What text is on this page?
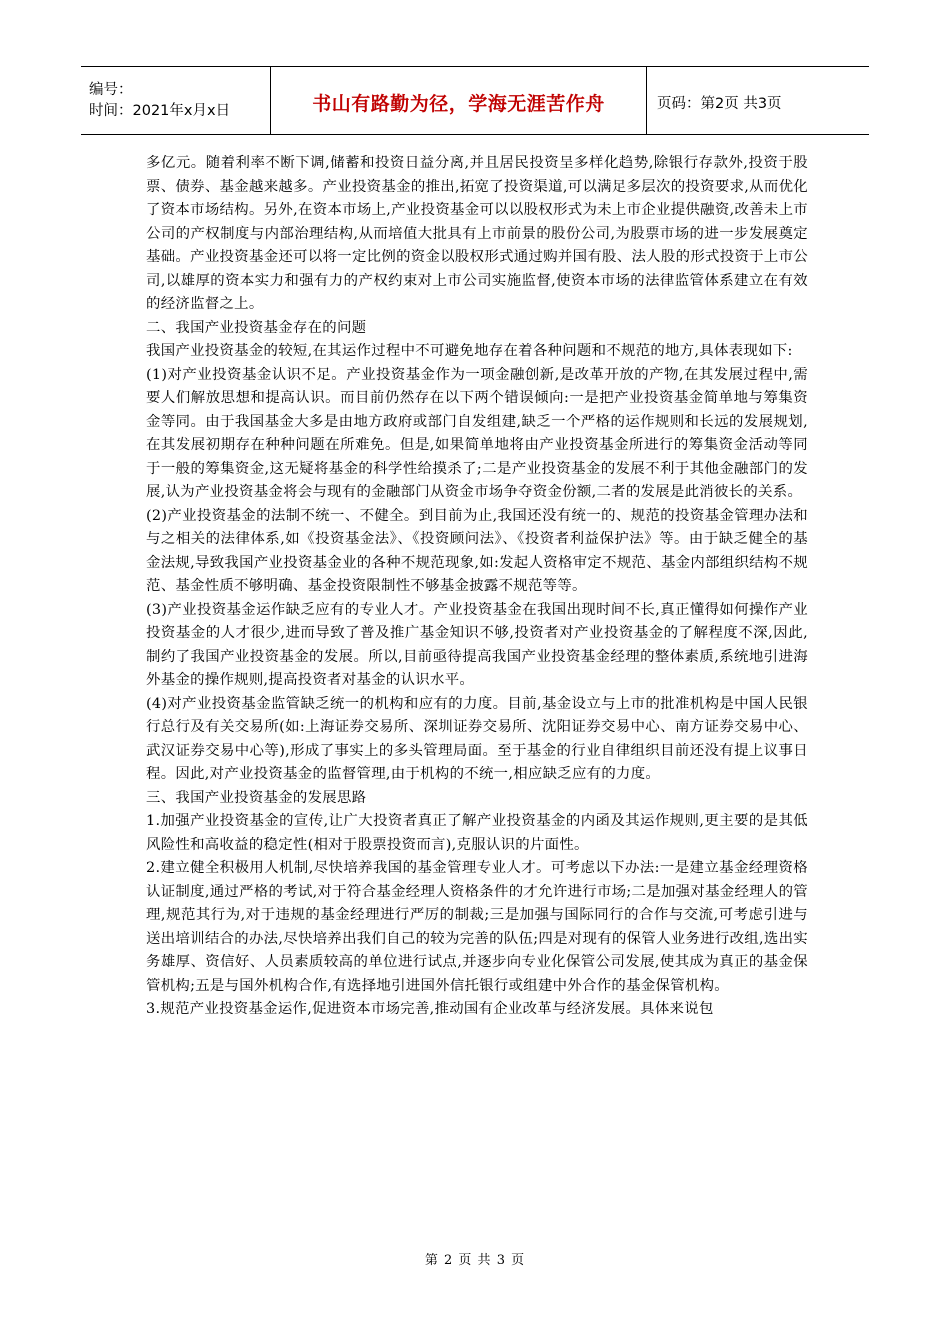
编号：
时间：2021年x月x日	书山有路勤为径，学海无涯苦作舟	页码：第2页 共3页

多亿元。随着利率不断下调,储蓄和投资日益分离,并且居民投资呈多样化趋势,除银行存款外,投资于股票、债券、基金越来越多。产业投资基金的推出,拓宽了投资渠道,可以满足多层次的投资要求,从而优化了资本市场结构。另外,在资本市场上,产业投资基金可以以股权形式为未上市企业提供融资,改善未上市公司的产权制度与内部治理结构,从而培值大批具有上市前景的股份公司,为股票市场的进一步发展奠定基础。产业投资基金还可以将一定比例的资金以股权形式通过购并国有股、法人股的形式投资于上市公司,以雄厚的资本实力和强有力的产权约束对上市公司实施监督,使资本市场的法律监管体系建立在有效的经济监督之上。

二、我国产业投资基金存在的问题

我国产业投资基金的较短,在其运作过程中不可避免地存在着各种问题和不规范的地方,具体表现如下:

(1)对产业投资基金认识不足。产业投资基金作为一项金融创新,是改革开放的产物,在其发展过程中,需要人们解放思想和提高认识。而目前仍然存在以下两个错误倾向:一是把产业投资基金简单地与筹集资金等同。由于我国基金大多是由地方政府或部门自发组建,缺乏一个严格的运作规则和长远的发展规划,在其发展初期存在种种问题在所难免。但是,如果简单地将由产业投资基金所进行的筹集资金活动等同于一般的筹集资金,这无疑将基金的科学性给摸杀了;二是产业投资基金的发展不利于其他金融部门的发展,认为产业投资基金将会与现有的金融部门从资金市场争夺资金份额,二者的发展是此消彼长的关系。

(2)产业投资基金的法制不统一、不健全。到目前为止,我国还没有统一的、规范的投资基金管理办法和与之相关的法律体系,如《投资基金法》、《投资顾问法》、《投资者利益保护法》等。由于缺乏健全的基金法规,导致我国产业投资基金业的各种不规范现象,如:发起人资格审定不规范、基金内部组织结构不规范、基金性质不够明确、基金投资限制性不够基金披露不规范等等。

(3)产业投资基金运作缺乏应有的专业人才。产业投资基金在我国出现时间不长,真正懂得如何操作产业投资基金的人才很少,进而导致了普及推广基金知识不够,投资者对产业投资基金的了解程度不深,因此,制约了我国产业投资基金的发展。所以,目前亟待提高我国产业投资基金经理的整体素质,系统地引进海外基金的操作规则,提高投资者对基金的认识水平。

(4)对产业投资基金监管缺乏统一的机构和应有的力度。目前,基金设立与上市的批准机构是中国人民银行总行及有关交易所(如:上海证券交易所、深圳证券交易所、沈阳证券交易中心、南方证券交易中心、武汉证券交易中心等),形成了事实上的多头管理局面。至于基金的行业自律组织目前还没有提上议事日程。因此,对产业投资基金的监督管理,由于机构的不统一,相应缺乏应有的力度。

三、我国产业投资基金的发展思路

1.加强产业投资基金的宣传,让广大投资者真正了解产业投资基金的内函及其运作规则,更主要的是其低风险性和高收益的稳定性(相对于股票投资而言),克服认识的片面性。

2.建立健全积极用人机制,尽快培养我国的基金管理专业人才。可考虑以下办法:一是建立基金经理资格认证制度,通过严格的考试,对于符合基金经理人资格条件的才允许进行市场;二是加强对基金经理人的管理,规范其行为,对于违规的基金经理进行严厉的制裁;三是加强与国际同行的合作与交流,可考虑引进与送出培训结合的办法,尽快培养出我们自己的较为完善的队伍;四是对现有的保管人业务进行改组,选出实务雄厚、资信好、人员素质较高的单位进行试点,并逐步向专业化保管公司发展,使其成为真正的基金保管机构;五是与国外机构合作,有选择地引进国外信托银行或组建中外合作的基金保管机构。

3.规范产业投资基金运作,促进资本市场完善,推动国有企业改革与经济发展。具体来说包

第 2 页 共 3 页
